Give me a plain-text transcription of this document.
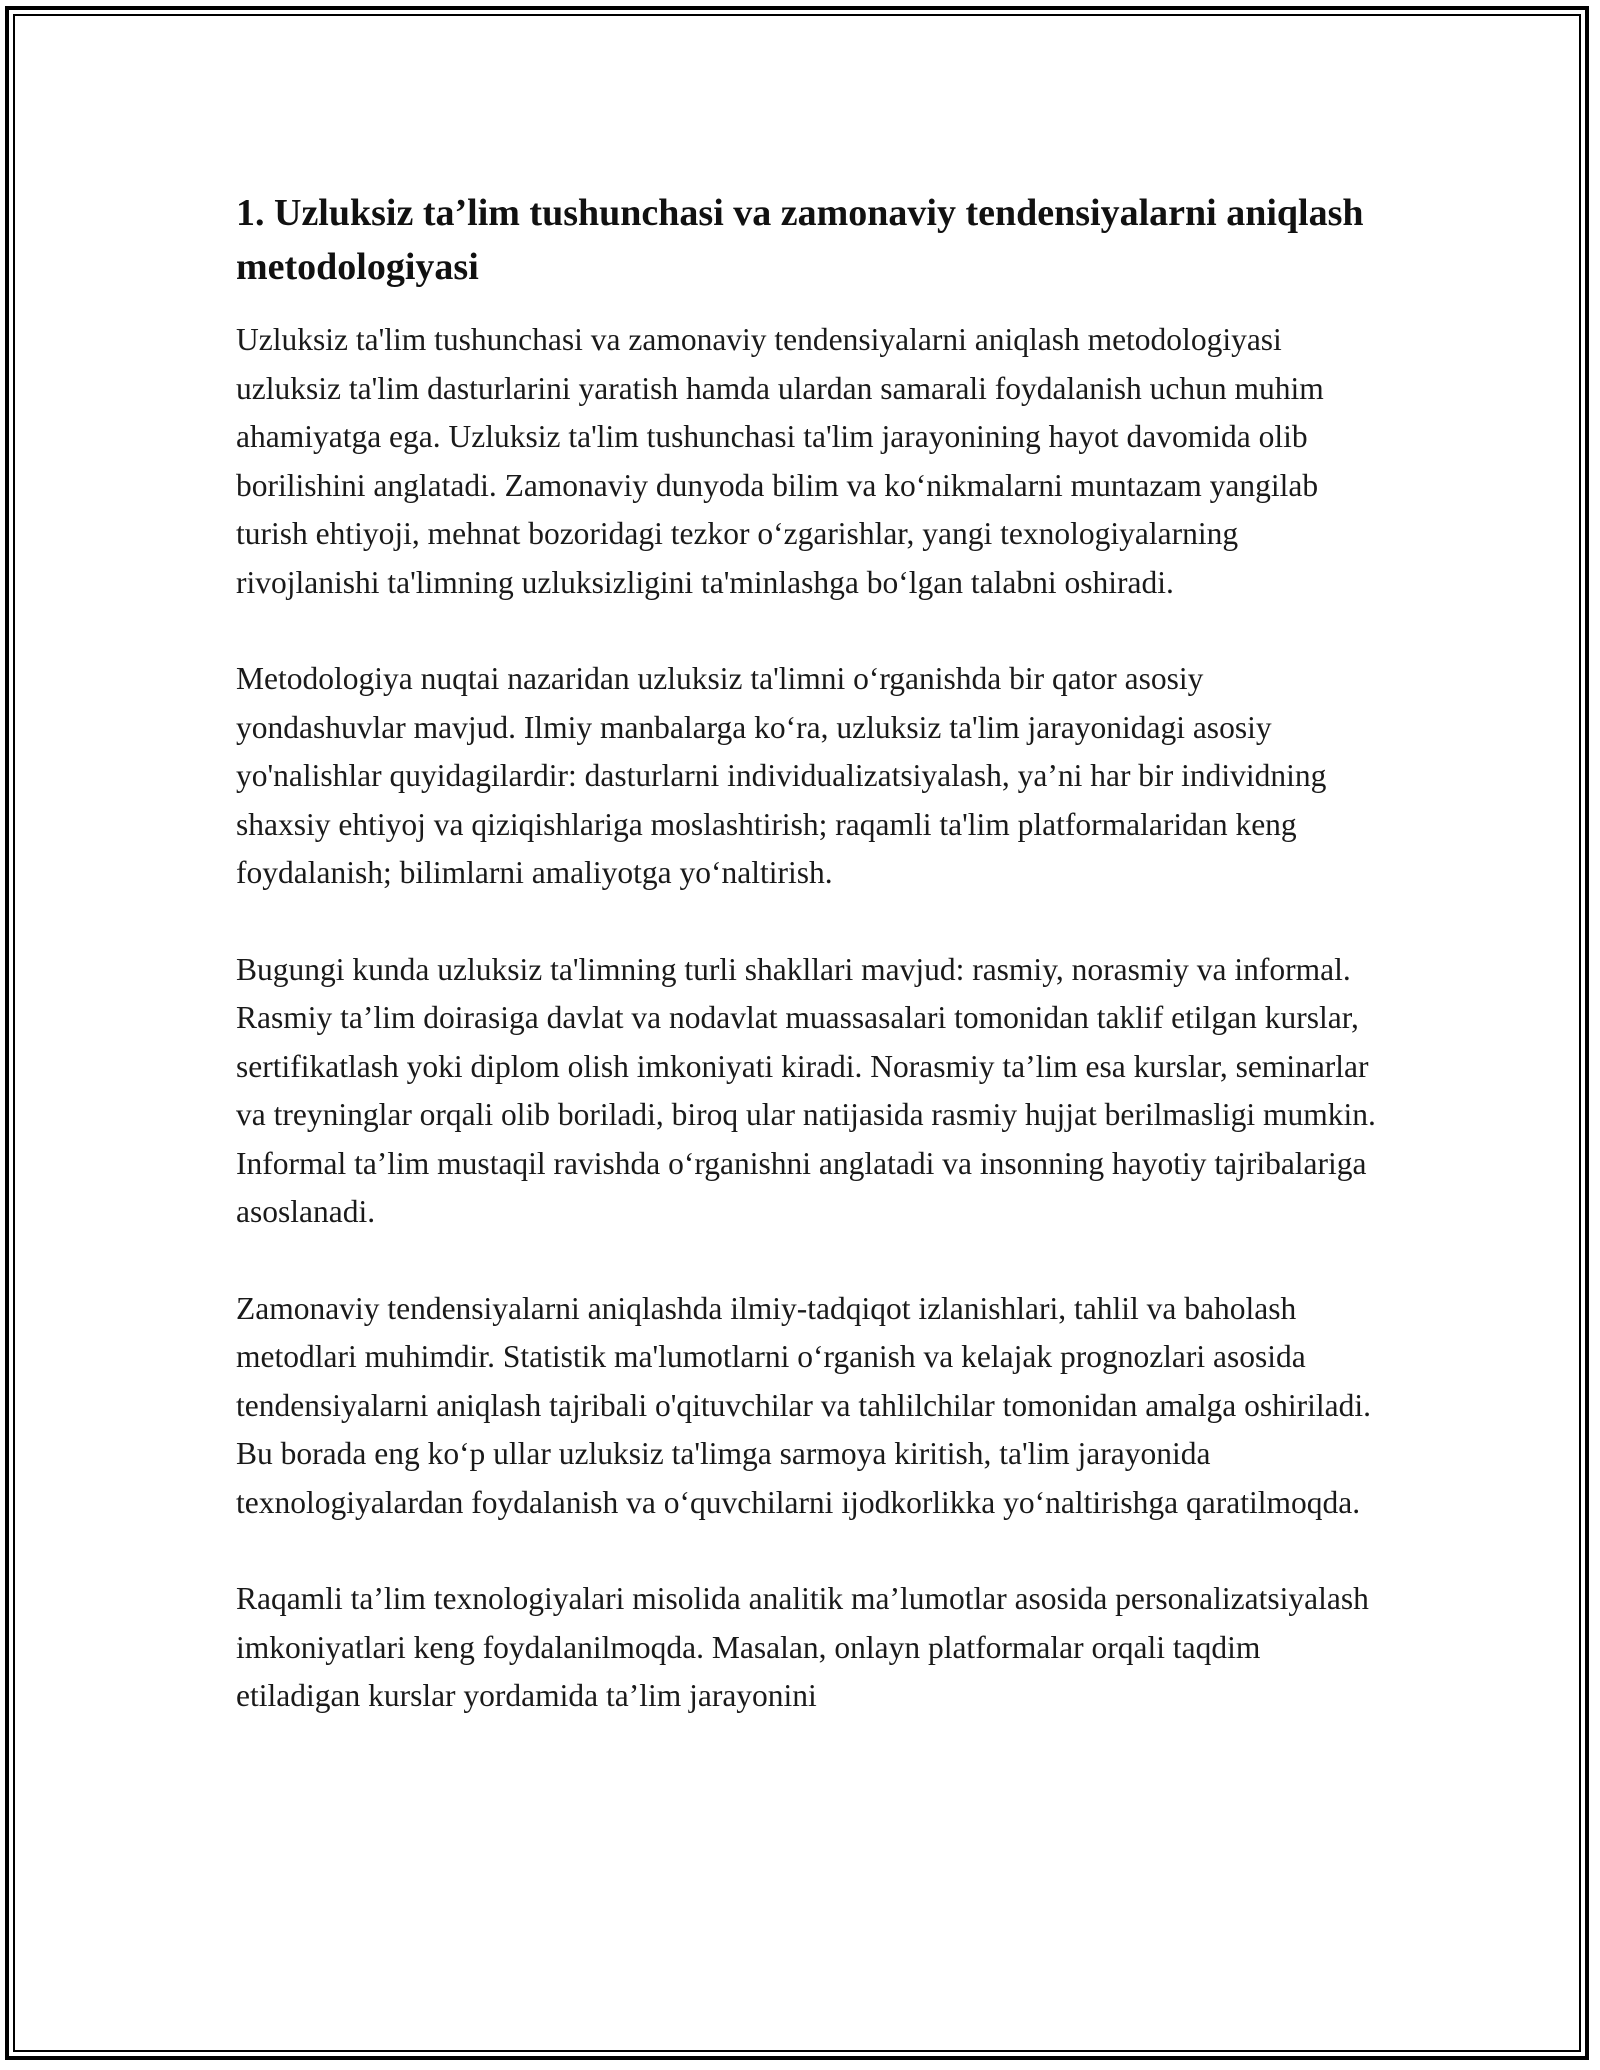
1. Uzluksiz ta’lim tushunchasi va zamonaviy tendensiyalarni aniqlash metodologiyasi

Uzluksiz ta'lim tushunchasi va zamonaviy tendensiyalarni aniqlash metodologiyasi uzluksiz ta'lim dasturlarini yaratish hamda ulardan samarali foydalanish uchun muhim ahamiyatga ega. Uzluksiz ta'lim tushunchasi ta'lim jarayonining hayot davomida olib borilishini anglatadi. Zamonaviy dunyoda bilim va ko‘nikmalarni muntazam yangilab turish ehtiyoji, mehnat bozoridagi tezkor o‘zgarishlar, yangi texnologiyalarning rivojlanishi ta'limning uzluksizligini ta'minlashga bo‘lgan talabni oshiradi.

Metodologiya nuqtai nazaridan uzluksiz ta'limni o‘rganishda bir qator asosiy yondashuvlar mavjud. Ilmiy manbalarga ko‘ra, uzluksiz ta'lim jarayonidagi asosiy yo'nalishlar quyidagilardir: dasturlarni individualizatsiyalash, ya’ni har bir individning shaxsiy ehtiyoj va qiziqishlariga moslashtirish; raqamli ta'lim platformalaridan keng foydalanish; bilimlarni amaliyotga yo‘naltirish.

Bugungi kunda uzluksiz ta'limning turli shakllari mavjud: rasmiy, norasmiy va informal. Rasmiy ta’lim doirasiga davlat va nodavlat muassasalari tomonidan taklif etilgan kurslar, sertifikatlash yoki diplom olish imkoniyati kiradi. Norasmiy ta’lim esa kurslar, seminarlar va treyninglar orqali olib boriladi, biroq ular natijasida rasmiy hujjat berilmasligi mumkin. Informal ta’lim mustaqil ravishda o‘rganishni anglatadi va insonning hayotiy tajribalariga asoslanadi.

Zamonaviy tendensiyalarni aniqlashda ilmiy-tadqiqot izlanishlari, tahlil va baholash metodlari muhimdir. Statistik ma'lumotlarni o‘rganish va kelajak prognozlari asosida tendensiyalarni aniqlash tajribali o'qituvchilar va tahlilchilar tomonidan amalga oshiriladi. Bu borada eng ko‘p ullar uzluksiz ta'limga sarmoya kiritish, ta'lim jarayonida texnologiyalardan foydalanish va o‘quvchilarni ijodkorlikka yo‘naltirishga qaratilmoqda.

Raqamli ta’lim texnologiyalari misolida analitik ma’lumotlar asosida personalizatsiyalash imkoniyatlari keng foydalanilmoqda. Masalan, onlayn platformalar orqali taqdim etiladigan kurslar yordamida ta’lim jarayonini
